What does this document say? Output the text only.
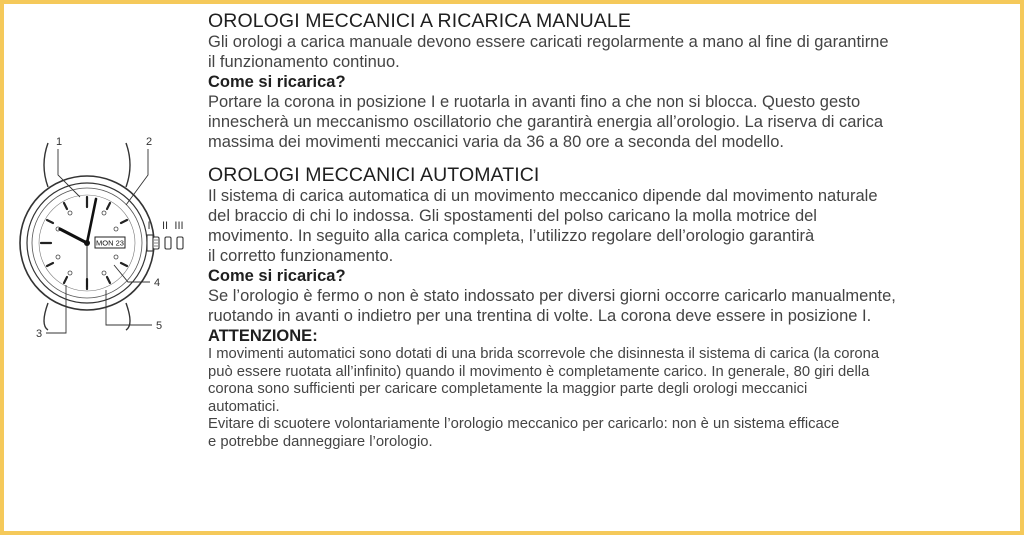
MON 23
I II III
1	2
3
4
5

OROLOGI MECCANICI A RICARICA MANUALE

Gli orologi a carica manuale devono essere caricati regolarmente a mano al fine di garantirne

il funzionamento continuo.

Come si ricarica?

Portare la corona in posizione I e ruotarla in avanti fino a che non si blocca. Questo gesto

innescherà un meccanismo oscillatorio che garantirà energia all’orologio. La riserva di carica

massima dei movimenti meccanici varia da 36 a 80 ore a seconda del modello.

OROLOGI MECCANICI AUTOMATICI

Il sistema di carica automatica di un movimento meccanico dipende dal movimento naturale

del braccio di chi lo indossa. Gli spostamenti del polso caricano la molla motrice del

movimento. In seguito alla carica completa, l’utilizzo regolare dell’orologio garantirà

il corretto funzionamento.

Come si ricarica?

Se l’orologio è fermo o non è stato indossato per diversi giorni occorre caricarlo manualmente,

ruotando in avanti o indietro per una trentina di volte. La corona deve essere in posizione I.

ATTENZIONE:

I movimenti automatici sono dotati di una brida scorrevole che disinnesta il sistema di carica (la corona

può essere ruotata all’infinito) quando il movimento è completamente carico. In generale, 80 giri della

corona sono sufficienti per caricare completamente la maggior parte degli orologi meccanici

automatici.

Evitare di scuotere volontariamente l’orologio meccanico per caricarlo: non è un sistema efficace

e potrebbe danneggiare l’orologio.
